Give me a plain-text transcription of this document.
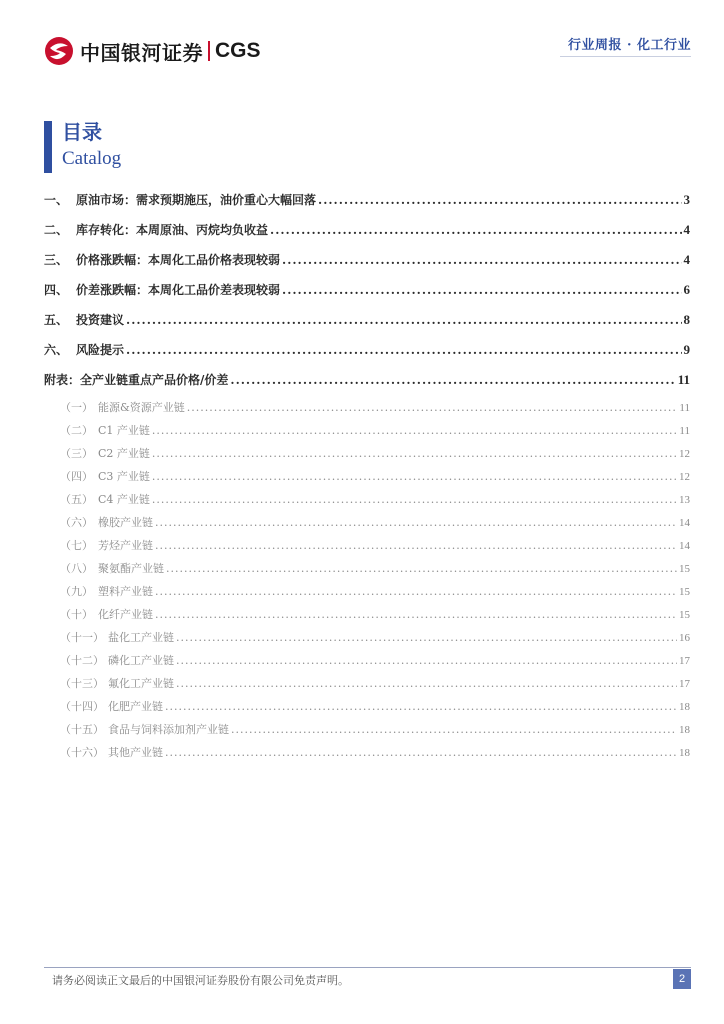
中国银河证券 CGS	行业周报 · 化工行业
目录
Catalog
一、 原油市场：需求预期施压，油价重心大幅回落 .....	3
二、 库存转化：本周原油、丙烷均负收益 .....	4
三、 价格涨跌幅：本周化工品价格表现较弱 .....	4
四、 价差涨跌幅：本周化工品价差表现较弱 .....	6
五、 投资建议 .....	8
六、 风险提示 .....	9
附表：全产业链重点产品价格/价差 .....	11
（一） 能源&资源产业链 .....	11
（二） C1 产业链 .....	11
（三） C2 产业链 .....	12
（四） C3 产业链 .....	12
（五） C4 产业链 .....	13
（六） 橡胶产业链 .....	14
（七） 芳烃产业链 .....	14
（八） 聚氨酯产业链 .....	15
（九） 塑料产业链 .....	15
（十） 化纤产业链 .....	15
（十一） 盐化工产业链 .....	16
（十二） 磷化工产业链 .....	17
（十三） 氟化工产业链 .....	17
（十四） 化肥产业链 .....	18
（十五） 食品与饲料添加剂产业链 .....	18
（十六） 其他产业链 .....	18
请务必阅读正文最后的中国银河证券股份有限公司免责声明。	2
